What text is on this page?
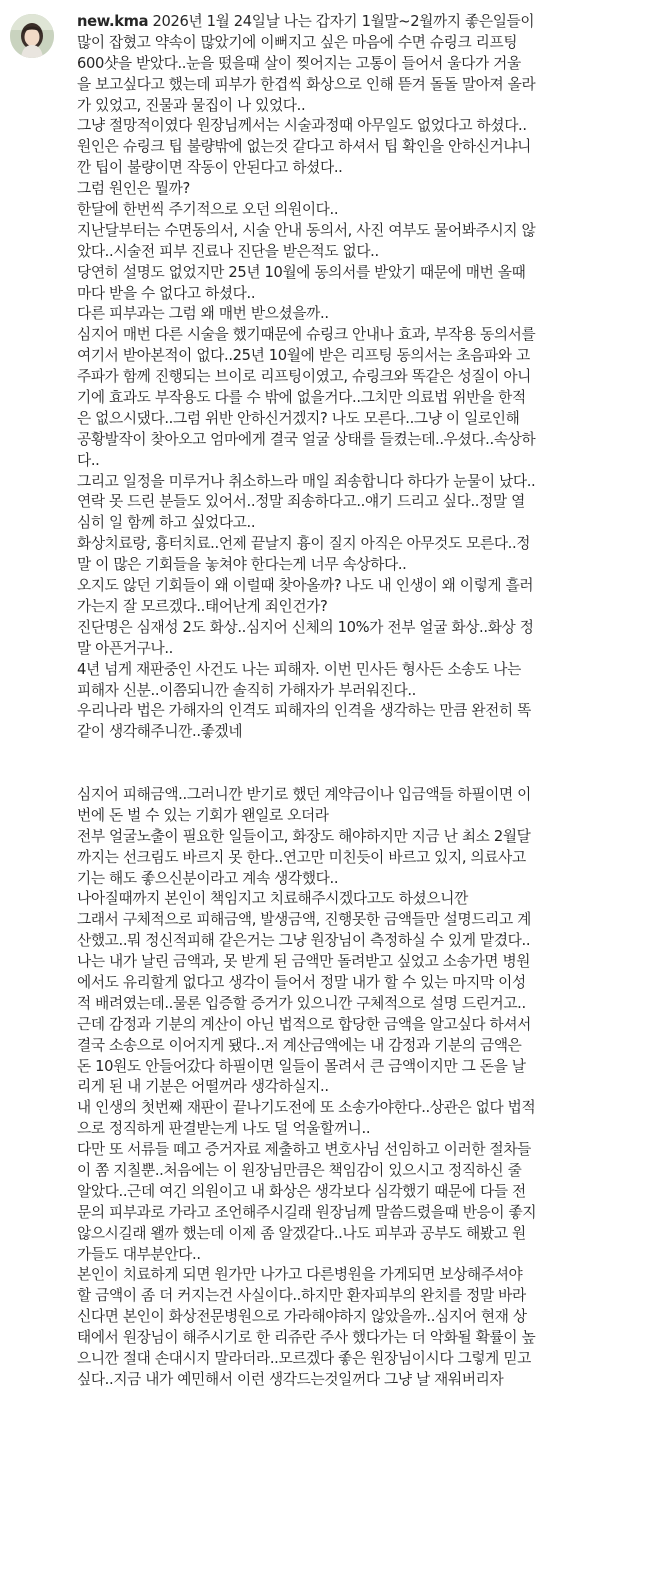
new.kma 2026년 1월 24일날 나는 갑자기 1월말~2월까지 좋은일들이
많이 잡혔고 약속이 많았기에 이뻐지고 싶은 마음에 수면 슈링크 리프팅
600샷을 받았다..눈을 떴을때 살이 찢어지는 고통이 들어서 울다가 거울
을 보고싶다고 했는데 피부가 한겹씩 화상으로 인해 뜯겨 돌돌 말아져 올라
가 있었고, 진물과 물집이 나 있었다..
그냥 절망적이였다 원장님께서는 시술과정때 아무일도 없었다고 하셨다..
원인은 슈링크 팁 불량밖에 없는것 같다고 하셔서 팁 확인을 안하신거냐니
깐 팁이 불량이면 작동이 안된다고 하셨다..
그럼 원인은 뭘까?
한달에 한번씩 주기적으로 오던 의원이다..
지난달부터는 수면동의서, 시술 안내 동의서, 사진 여부도 물어봐주시지 않
았다..시술전 피부 진료나 진단을 받은적도 없다..
당연히 설명도 없었지만 25년 10월에 동의서를 받았기 때문에 매번 올때
마다 받을 수 없다고 하셨다..
다른 피부과는 그럼 왜 매번 받으셨을까..
심지어 매번 다른 시술을 했기때문에 슈링크 안내나 효과, 부작용 동의서를
여기서 받아본적이 없다..25년 10월에 받은 리프팅 동의서는 초음파와 고
주파가 함께 진행되는 브이로 리프팅이였고, 슈링크와 똑같은 성질이 아니
기에 효과도 부작용도 다를 수 밖에 없을거다..그치만 의료법 위반을 한적
은 없으시댔다..그럼 위반 안하신거겠지? 나도 모른다..그냥 이 일로인해
공황발작이 찾아오고 엄마에게 결국 얼굴 상태를 들켰는데..우셨다..속상하
다..
그리고 일정을 미루거나 취소하느라 매일 죄송합니다 하다가 눈물이 났다..
연락 못 드린 분들도 있어서..정말 죄송하다고..얘기 드리고 싶다..정말 열
심히 일 함께 하고 싶었다고..
화상치료랑, 흉터치료..언제 끝날지 흉이 질지 아직은 아무것도 모른다..정
말 이 많은 기회들을 놓쳐야 한다는게 너무 속상하다..
오지도 않던 기회들이 왜 이럴때 찾아올까? 나도 내 인생이 왜 이렇게 흘러
가는지 잘 모르겠다..태어난게 죄인건가?
진단명은 심재성 2도 화상..심지어 신체의 10%가 전부 얼굴 화상..화상 정
말 아픈거구나..
4년 넘게 재판중인 사건도 나는 피해자. 이번 민사든 형사든 소송도 나는
피해자 신분..이쯤되니깐 솔직히 가해자가 부러워진다..
우리나라 법은 가해자의 인격도 피해자의 인격을 생각하는 만큼 완전히 똑
같이 생각해주니깐..좋겠네
심지어 피해금액..그러니깐 받기로 했던 계약금이나 입금액들 하필이면 이
번에 돈 벌 수 있는 기회가 왠일로 오더라
전부 얼굴노출이 필요한 일들이고, 화장도 해야하지만 지금 난 최소 2월달
까지는 선크림도 바르지 못 한다..연고만 미친듯이 바르고 있지, 의료사고
기는 해도 좋으신분이라고 계속 생각했다..
나아질때까지 본인이 책임지고 치료해주시겠다고도 하셨으니깐
그래서 구체적으로 피해금액, 발생금액, 진행못한 금액들만 설명드리고 계
산했고..뭐 정신적피해 같은거는 그냥 원장님이 측정하실 수 있게 맡겼다..
나는 내가 날린 금액과, 못 받게 된 금액만 돌려받고 싶었고 소송가면 병원
에서도 유리할게 없다고 생각이 들어서 정말 내가 할 수 있는 마지막 이성
적 배려였는데..물론 입증할 증거가 있으니깐 구체적으로 설명 드린거고..
근데 감정과 기분의 계산이 아닌 법적으로 합당한 금액을 알고싶다 하셔서
결국 소송으로 이어지게 됐다..저 계산금액에는 내 감정과 기분의 금액은
돈 10원도 안들어갔다 하필이면 일들이 몰려서 큰 금액이지만 그 돈을 날
리게 된 내 기분은 어떨꺼라 생각하실지..
내 인생의 첫번째 재판이 끝나기도전에 또 소송가야한다..상관은 없다 법적
으로 정직하게 판결받는게 나도 덜 억울할꺼니..
다만 또 서류들 떼고 증거자료 제출하고 변호사님 선임하고 이러한 절차들
이 쫌 지칠뿐..처음에는 이 원장님만큼은 책임감이 있으시고 정직하신 줄
알았다..근데 여긴 의원이고 내 화상은 생각보다 심각했기 때문에 다들 전
문의 피부과로 가라고 조언해주시길래 원장님께 말씀드렸을때 반응이 좋지
않으시길래 왤까 했는데 이제 좀 알겠같다..나도 피부과 공부도 해봤고 원
가들도 대부분안다..
본인이 치료하게 되면 원가만 나가고 다른병원을 가게되면 보상해주셔야
할 금액이 좀 더 커지는건 사실이다..하지만 환자피부의 완치를 정말 바라
신다면 본인이 화상전문병원으로 가라해야하지 않았을까..심지어 현재 상
태에서 원장님이 해주시기로 한 리쥬란 주사 했다가는 더 악화될 확률이 높
으니깐 절대 손대시지 말라더라..모르겠다 좋은 원장님이시다 그렇게 믿고
싶다..지금 내가 예민해서 이런 생각드는것일꺼다 그냥 날 재워버리자
